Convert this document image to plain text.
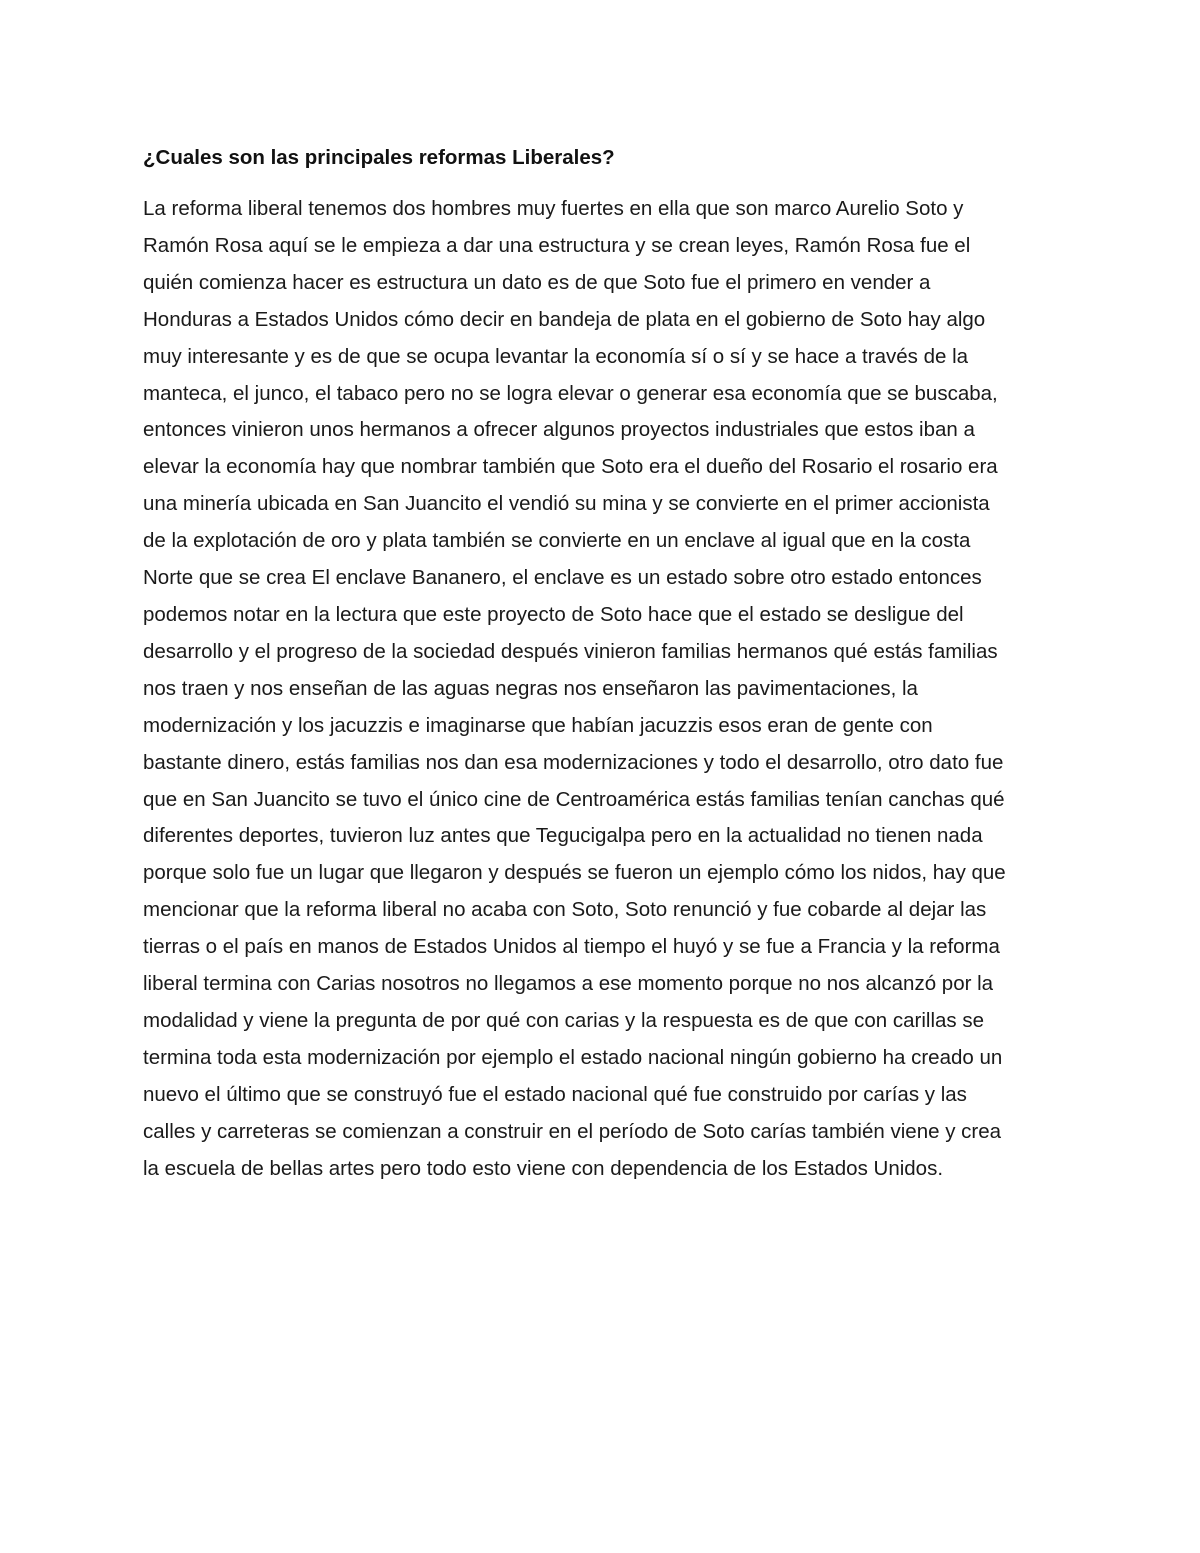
¿Cuales son las principales reformas Liberales?
La reforma liberal tenemos dos hombres muy fuertes en ella que son marco Aurelio Soto y
Ramón Rosa aquí se le empieza a dar una estructura y se crean leyes, Ramón Rosa fue el
quién comienza hacer es estructura un dato es de que Soto fue el primero en vender a
Honduras a Estados Unidos cómo decir en bandeja de plata en el gobierno de Soto hay algo
muy interesante y es de que se ocupa levantar la economía sí o sí y se hace a través de la
manteca, el junco, el tabaco pero no se logra elevar o generar esa economía que se buscaba,
entonces vinieron unos hermanos a ofrecer algunos proyectos industriales que estos iban a
elevar la economía hay que nombrar también que Soto era el dueño del Rosario el rosario era
una minería ubicada en San Juancito el vendió su mina y se convierte en el primer accionista
de la explotación de oro y plata también se convierte en un enclave al igual que en la costa
Norte que se crea El enclave Bananero, el enclave es un estado sobre otro estado entonces
podemos notar en la lectura que este proyecto de Soto hace que el estado se desligue del
desarrollo y el progreso de la sociedad después vinieron familias hermanos qué estás familias
nos traen y nos enseñan de las aguas negras nos enseñaron las pavimentaciones, la
modernización y los jacuzzis e imaginarse que habían jacuzzis esos eran de gente con
bastante dinero, estás familias nos dan esa modernizaciones y todo el desarrollo, otro dato fue
que en San Juancito se tuvo el único cine de Centroamérica estás familias tenían canchas qué
diferentes deportes, tuvieron luz antes que Tegucigalpa pero en la actualidad no tienen nada
porque solo fue un lugar que llegaron y después se fueron un ejemplo cómo los nidos, hay que
mencionar que la reforma liberal no acaba con Soto, Soto renunció y fue cobarde al dejar las
tierras o el país en manos de Estados Unidos al tiempo el huyó y se fue a Francia y la reforma
liberal termina con Carias nosotros no llegamos a ese momento porque no nos alcanzó por la
modalidad y viene la pregunta de por qué con carias y la respuesta es de que con carillas se
termina toda esta modernización por ejemplo el estado nacional ningún gobierno ha creado un
nuevo el último que se construyó fue el estado nacional qué fue construido por carías y las
calles y carreteras se comienzan a construir en el período de Soto carías también viene y crea
la escuela de bellas artes pero todo esto viene con dependencia de los Estados Unidos.
